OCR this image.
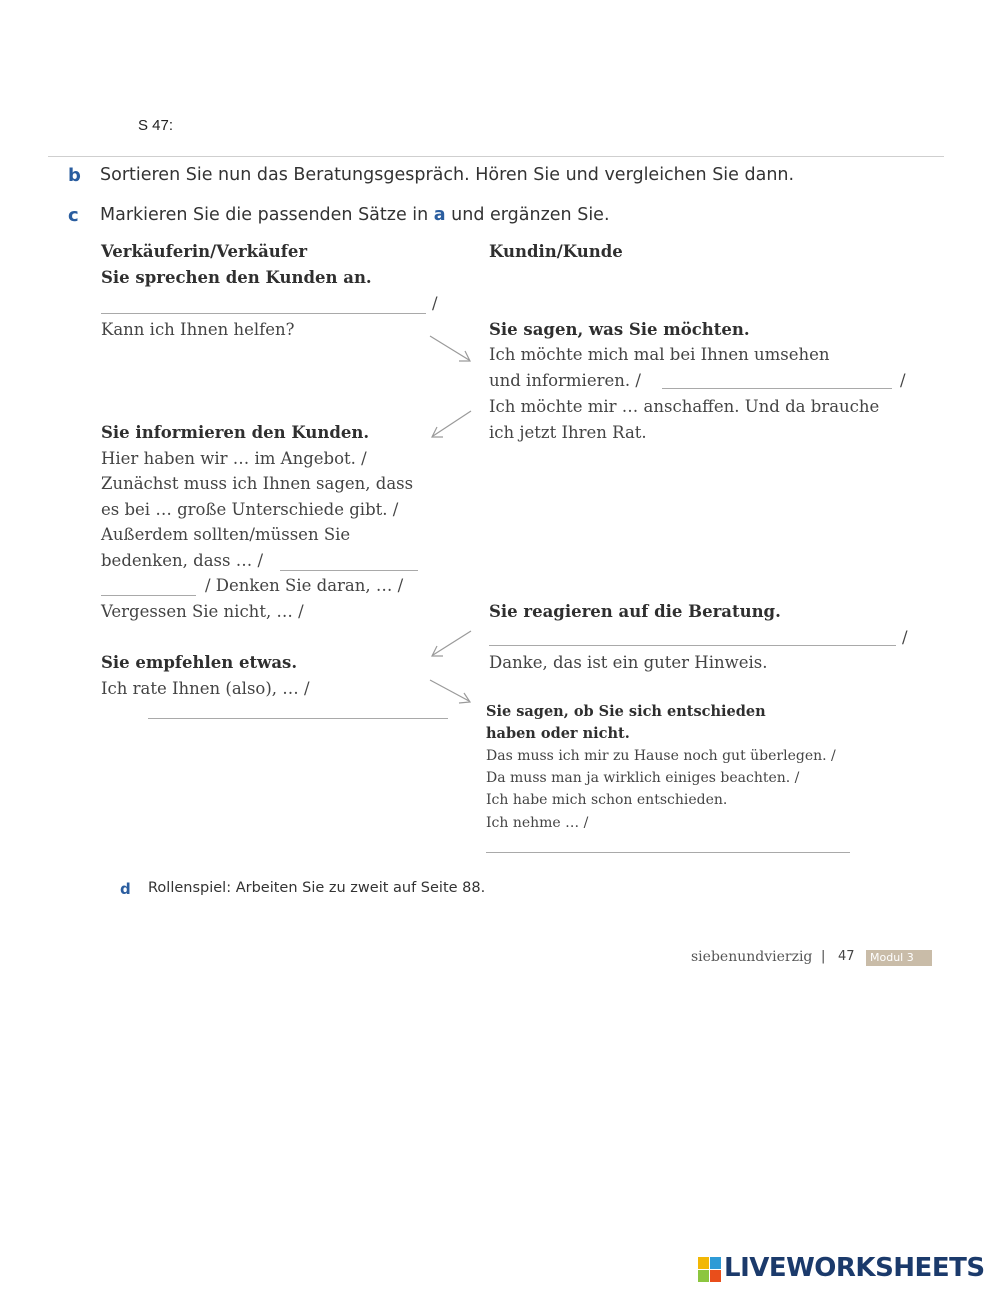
S 47:
b Sortieren Sie nun das Beratungsgespräch. Hören Sie und vergleichen Sie dann.
c Markieren Sie die passenden Sätze in a und ergänzen Sie.
Verkäuferin/Verkäufer	Kundin/Kunde
Sie sprechen den Kunden an.
/
Kann ich Ihnen helfen?	Sie sagen, was Sie möchten.
Ich möchte mich mal bei Ihnen umsehen
und informieren. /	/
Ich möchte mir … anschaffen. Und da brauche
ich jetzt Ihren Rat.
Sie informieren den Kunden.
Hier haben wir … im Angebot. /
Zunächst muss ich Ihnen sagen, dass
es bei … große Unterschiede gibt. /
Außerdem sollten/müssen Sie
bedenken, dass … /
/ Denken Sie daran, … /
Vergessen Sie nicht, … /	Sie reagieren auf die Beratung.
/
Danke, das ist ein guter Hinweis.
Sie empfehlen etwas.
Ich rate Ihnen (also), … /
Sie sagen, ob Sie sich entschieden
haben oder nicht.
Das muss ich mir zu Hause noch gut überlegen. /
Da muss man ja wirklich einiges beachten. /
Ich habe mich schon entschieden.
Ich nehme … /
d Rollenspiel: Arbeiten Sie zu zweit auf Seite 88.
siebenundvierzig | 47	Modul 3
LIVEWORKSHEETS
